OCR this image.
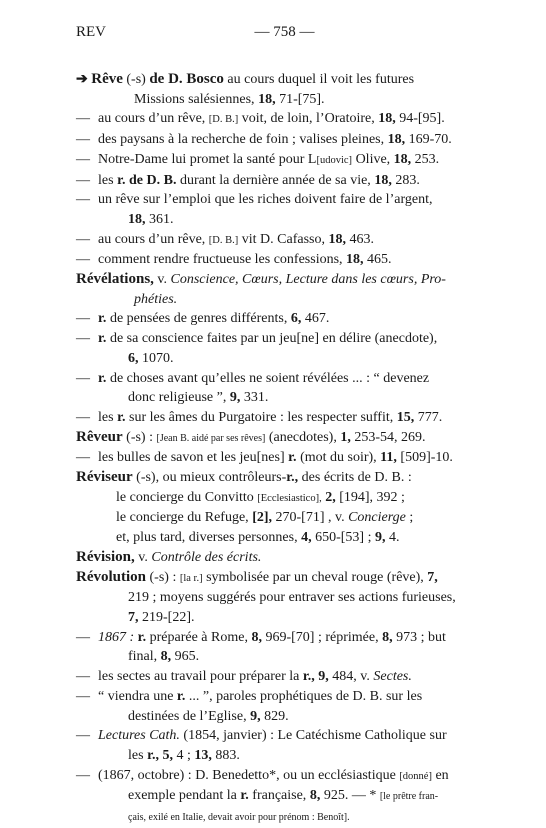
REV	— 758 —
➔ Rêve (-s) de D. Bosco au cours duquel il voit les futures
Missions salésiennes, 18, 71-[75].
— au cours d’un rêve, [D. B.] voit, de loin, l’Oratoire, 18, 94-[95].
— des paysans à la recherche de foin ; valises pleines, 18, 169-70.
— Notre-Dame lui promet la santé pour L[udovic] Olive, 18, 253.
— les r. de D. B. durant la dernière année de sa vie, 18, 283.
— un rêve sur l’emploi que les riches doivent faire de l’argent,
18, 361.
— au cours d’un rêve, [D. B.] vit D. Cafasso, 18, 463.
— comment rendre fructueuse les confessions, 18, 465.
Révélations, v. Conscience, Cœurs, Lecture dans les cœurs, Pro-
phéties.
— r. de pensées de genres différents, 6, 467.
— r. de sa conscience faites par un jeu[ne] en délire (anecdote),
6, 1070.
— r. de choses avant qu’elles ne soient révélées ... : “ devenez
donc religieuse ”, 9, 331.
— les r. sur les âmes du Purgatoire : les respecter suffit, 15, 777.
Rêveur (-s) : [Jean B. aidé par ses rêves] (anecdotes), 1, 253-54, 269.
— les bulles de savon et les jeu[nes] r. (mot du soir), 11, [509]-10.
Réviseur (-s), ou mieux contrôleurs-r., des écrits de D. B. :
le concierge du Convitto [Ecclesiastico], 2, [194], 392 ;
le concierge du Refuge, [2], 270-[71] , v. Concierge ;
et, plus tard, diverses personnes, 4, 650-[53] ; 9, 4.
Révision, v. Contrôle des écrits.
Révolution (-s) : [la r.] symbolisée par un cheval rouge (rêve), 7,
219 ; moyens suggérés pour entraver ses actions furieuses,
7, 219-[22].
— 1867 : r. préparée à Rome, 8, 969-[70] ; réprimée, 8, 973 ; but
final, 8, 965.
— les sectes au travail pour préparer la r., 9, 484, v. Sectes.
— “ viendra une r. ... ”, paroles prophétiques de D. B. sur les
destinées de l’Eglise, 9, 829.
— Lectures Cath. (1854, janvier) : Le Catéchisme Catholique sur
les r., 5, 4 ; 13, 883.
— (1867, octobre) : D. Benedetto*, ou un ecclésiastique [donné] en
exemple pendant la r. française, 8, 925. — * [le prêtre fran-
çais, exilé en Italie, devait avoir pour prénom : Benoît].
